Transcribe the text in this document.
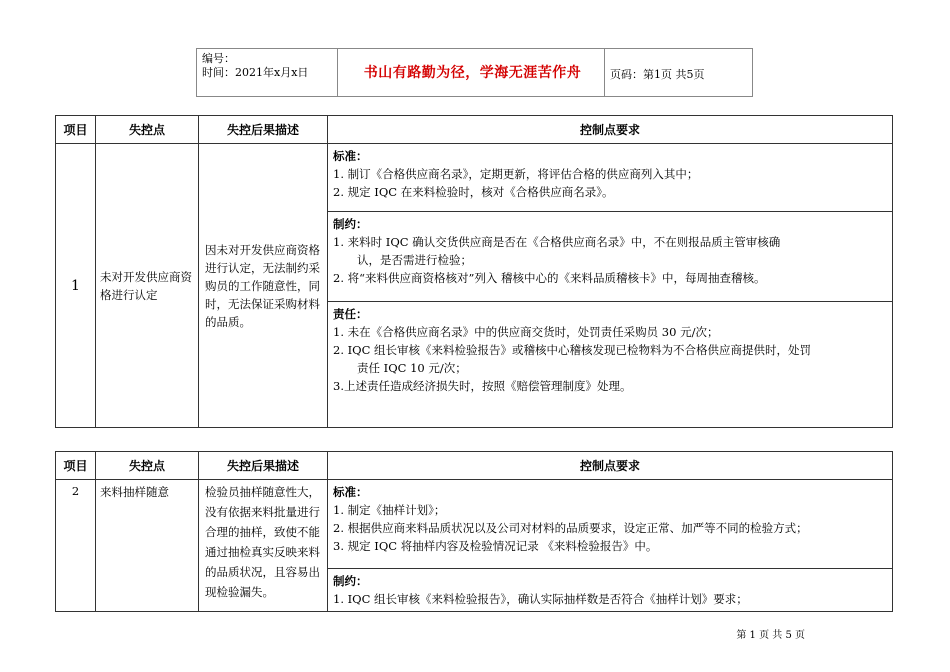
编号：
时间：2021年x月x日	书山有路勤为径，学海无涯苦作舟	页码：第1页 共5页
项目	失控点	失控后果描述	控制点要求
1	未对开发供应商资格进行认定	因未对开发供应商资格进行认定，无法制约采购员的工作随意性，同时，无法保证采购材料的品质。	标准：
1. 制订《合格供应商名录》，定期更新，将评估合格的供应商列入其中；
2. 规定 IQC 在来料检验时，核对《合格供应商名录》。

			制约：
1. 来料时 IQC 确认交货供应商是否在《合格供应商名录》中，不在则报品质主管审核确
认，是否需进行检验；
2. 将“来料供应商资格核对”列入 稽核中心的《来料品质稽核卡》中，每周抽查稽核。

			责任：
1. 未在《合格供应商名录》中的供应商交货时，处罚责任采购员 30 元/次；
2. IQC 组长审核《来料检验报告》或稽核中心稽核发现已检物料为不合格供应商提供时，处罚
责任 IQC 10 元/次；
3.上述责任造成经济损失时，按照《赔偿管理制度》处理。
项目	失控点	失控后果描述	控制点要求
2	来料抽样随意	检验员抽样随意性大，没有依据来料批量进行合理的抽样，致使不能通过抽检真实反映来料的品质状况，且容易出现检验漏失。	标准：
1. 制定《抽样计划》；
2. 根据供应商来料品质状况以及公司对材料的品质要求，设定正常、加严等不同的检验方式；
3. 规定 IQC 将抽样内容及检验情况记录 《来料检验报告》中。

			制约：
1. IQC 组长审核《来料检验报告》，确认实际抽样数是否符合《抽样计划》要求；
第 1 页 共 5 页
